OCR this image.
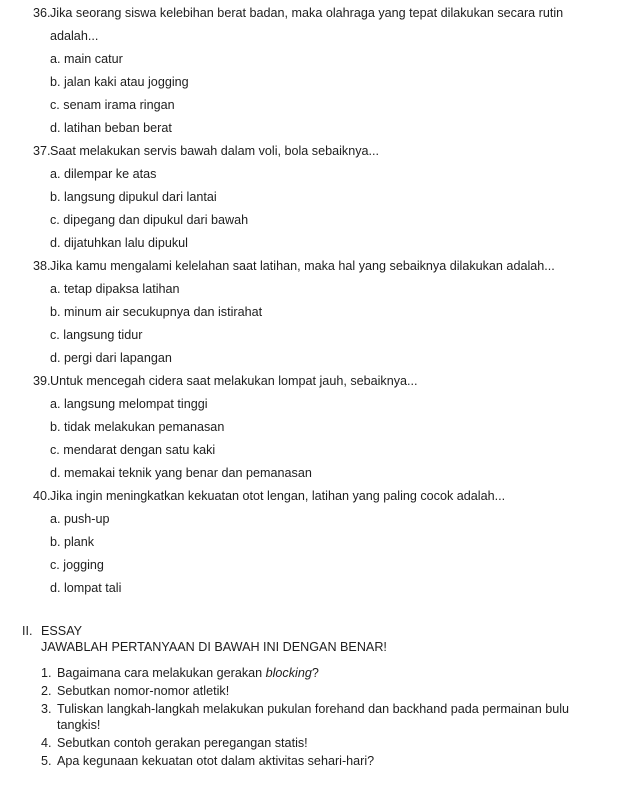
36. Jika seorang siswa kelebihan berat badan, maka olahraga yang tepat dilakukan secara rutin
adalah...
a. main catur
b. jalan kaki atau jogging
c. senam irama ringan
d. latihan beban berat
37. Saat melakukan servis bawah dalam voli, bola sebaiknya...
a. dilempar ke atas
b. langsung dipukul dari lantai
c. dipegang dan dipukul dari bawah
d. dijatuhkan lalu dipukul
38. Jika kamu mengalami kelelahan saat latihan, maka hal yang sebaiknya dilakukan adalah...
a. tetap dipaksa latihan
b. minum air secukupnya dan istirahat
c. langsung tidur
d. pergi dari lapangan
39. Untuk mencegah cidera saat melakukan lompat jauh, sebaiknya...
a. langsung melompat tinggi
b. tidak melakukan pemanasan
c. mendarat dengan satu kaki
d. memakai teknik yang benar dan pemanasan
40. Jika ingin meningkatkan kekuatan otot lengan, latihan yang paling cocok adalah...
a. push-up
b. plank
c. jogging
d. lompat tali
II. ESSAY
JAWABLAH PERTANYAAN DI BAWAH INI DENGAN BENAR!
1. Bagaimana cara melakukan gerakan blocking?
2. Sebutkan nomor-nomor atletik!
3. Tuliskan langkah-langkah melakukan pukulan forehand dan backhand pada permainan bulu
tangkis!
4. Sebutkan contoh gerakan peregangan statis!
5. Apa kegunaan kekuatan otot dalam aktivitas sehari-hari?
